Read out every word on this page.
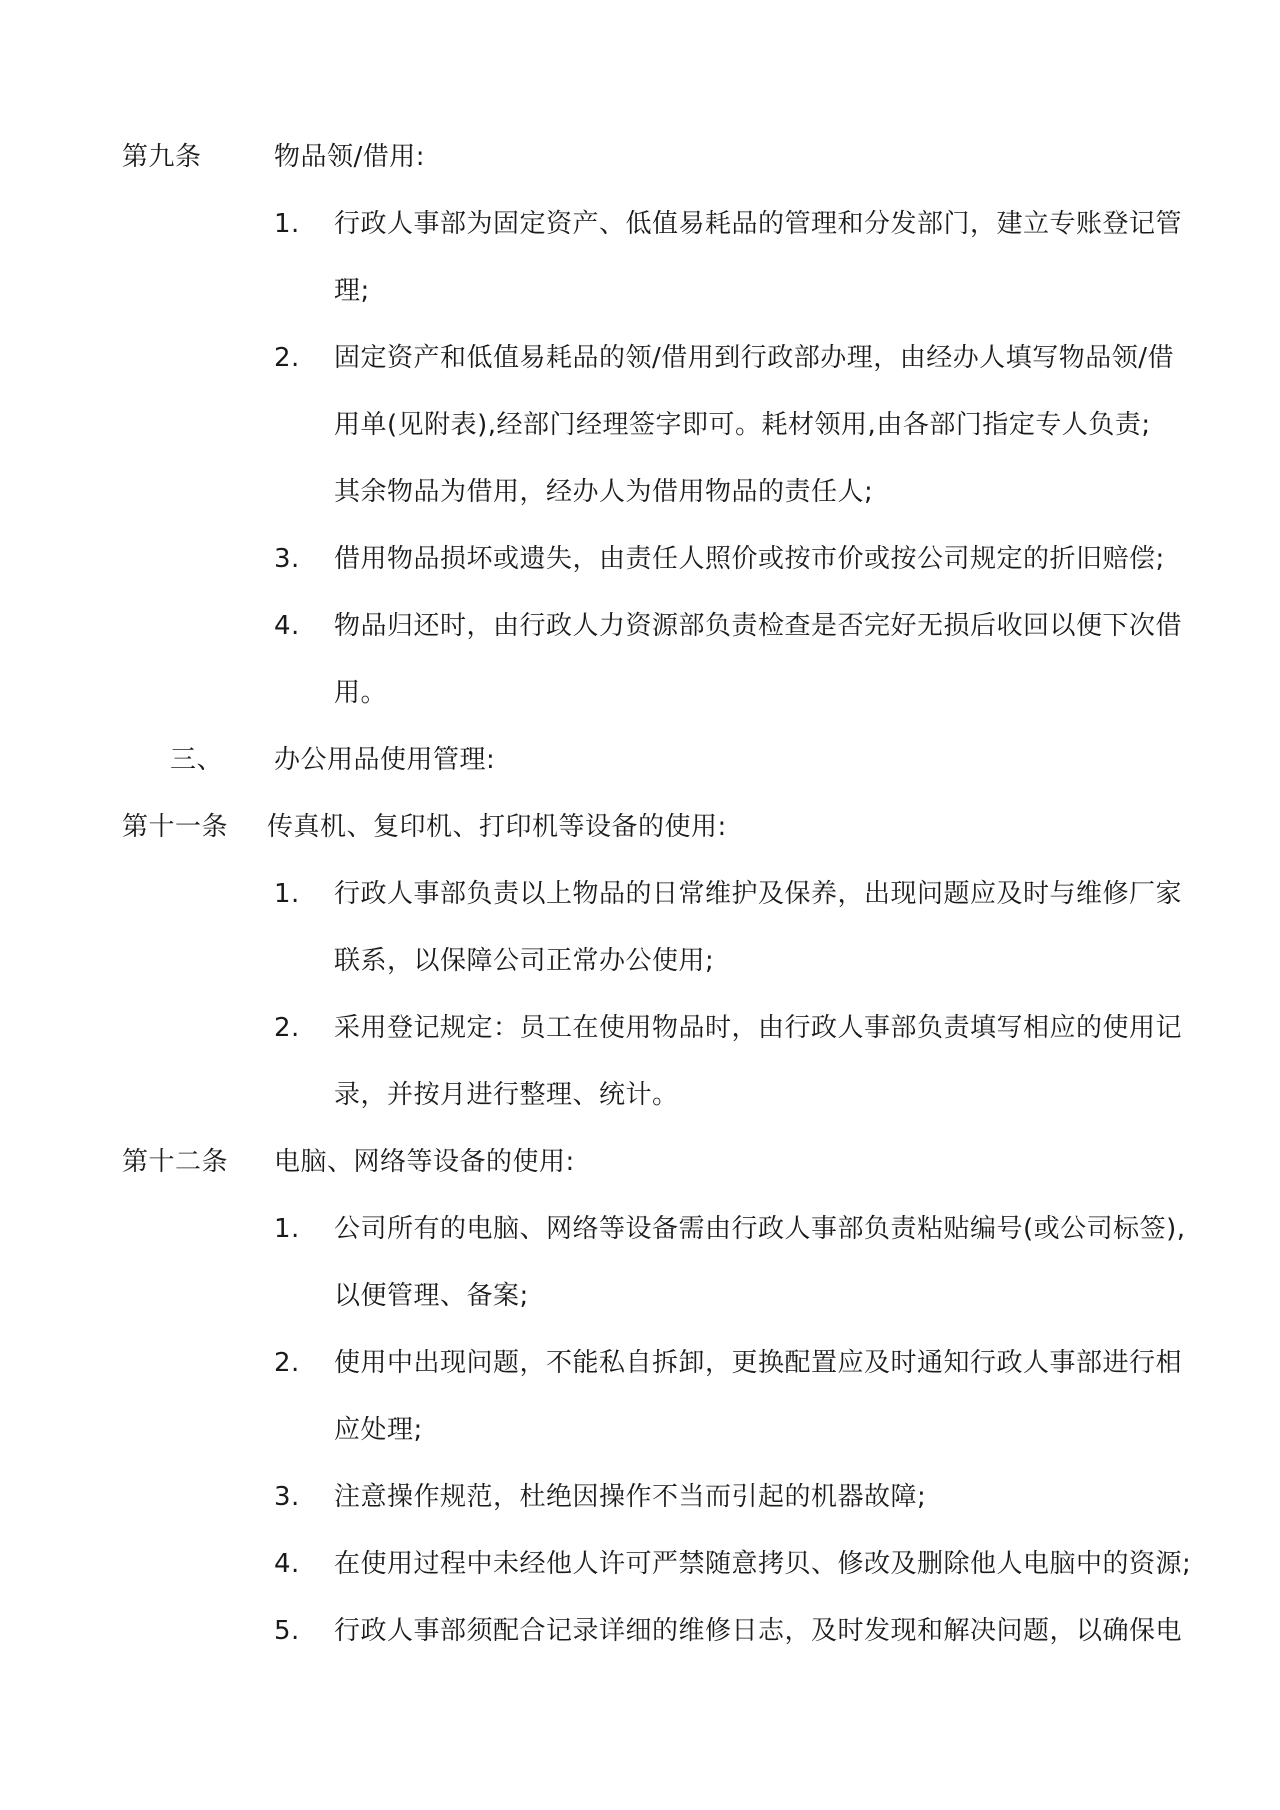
第九条	物品领/借用:
1. 行政人事部为固定资产、低值易耗品的管理和分发部门，建立专账登记管
理;
2. 固定资产和低值易耗品的领/借用到行政部办理，由经办人填写物品领/借
用单(见附表),经部门经理签字即可。耗材领用,由各部门指定专人负责;
其余物品为借用，经办人为借用物品的责任人;
3. 借用物品损坏或遗失，由责任人照价或按市价或按公司规定的折旧赔偿;
4. 物品归还时，由行政人力资源部负责检查是否完好无损后收回以便下次借
用。
三、 办公用品使用管理:
第十一条 传真机、复印机、打印机等设备的使用:
1. 行政人事部负责以上物品的日常维护及保养，出现问题应及时与维修厂家
联系，以保障公司正常办公使用;
2. 采用登记规定：员工在使用物品时，由行政人事部负责填写相应的使用记
录，并按月进行整理、统计。
第十二条 电脑、网络等设备的使用:
1. 公司所有的电脑、网络等设备需由行政人事部负责粘贴编号(或公司标签),
以便管理、备案;
2. 使用中出现问题，不能私自拆卸，更换配置应及时通知行政人事部进行相
应处理;
3. 注意操作规范，杜绝因操作不当而引起的机器故障;
4. 在使用过程中未经他人许可严禁随意拷贝、修改及删除他人电脑中的资源;
5. 行政人事部须配合记录详细的维修日志，及时发现和解决问题，以确保电
